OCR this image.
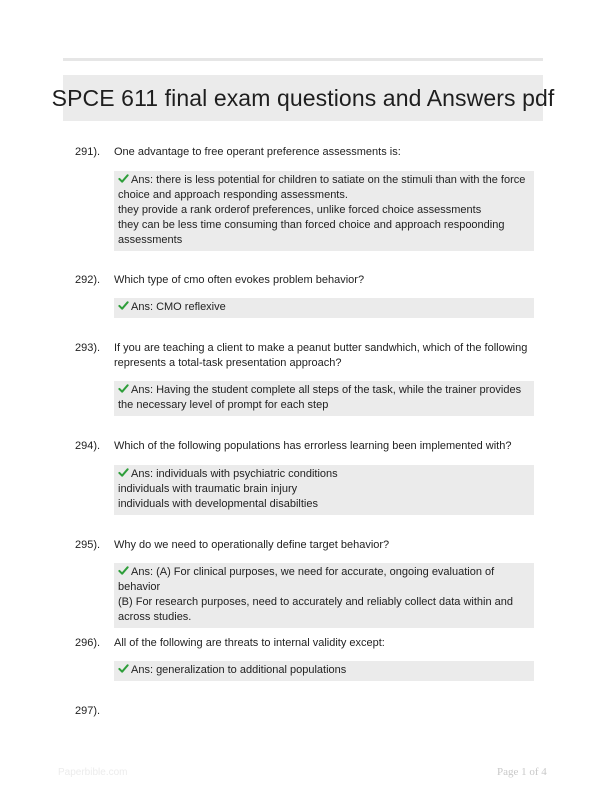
SPCE 611 final exam questions and Answers pdf
291). One advantage to free operant preference assessments is:
Ans: there is less potential for children to satiate on the stimuli than with the force choice and approach responding assessments.
they provide a rank orderof preferences, unlike forced choice assessments
they can be less time consuming than forced choice and approach respoonding assessments
292). Which type of cmo often evokes problem behavior?
Ans: CMO reflexive
293). If you are teaching a client to make a peanut butter sandwhich, which of the following represents a total-task presentation approach?
Ans: Having the student complete all steps of the task, while the trainer provides the necessary level of prompt for each step
294). Which of the following populations has errorless learning been implemented with?
Ans: individuals with psychiatric conditions
individuals with traumatic brain injury
individuals with developmental disabilties
295). Why do we need to operationally define target behavior?
Ans: (A) For clinical purposes, we need for accurate, ongoing evaluation of behavior
(B) For research purposes, need to accurately and reliably collect data within and across studies.
296). All of the following are threats to internal validity except:
Ans: generalization to additional populations
297).
Paperbible.com	Page 1 of 4
